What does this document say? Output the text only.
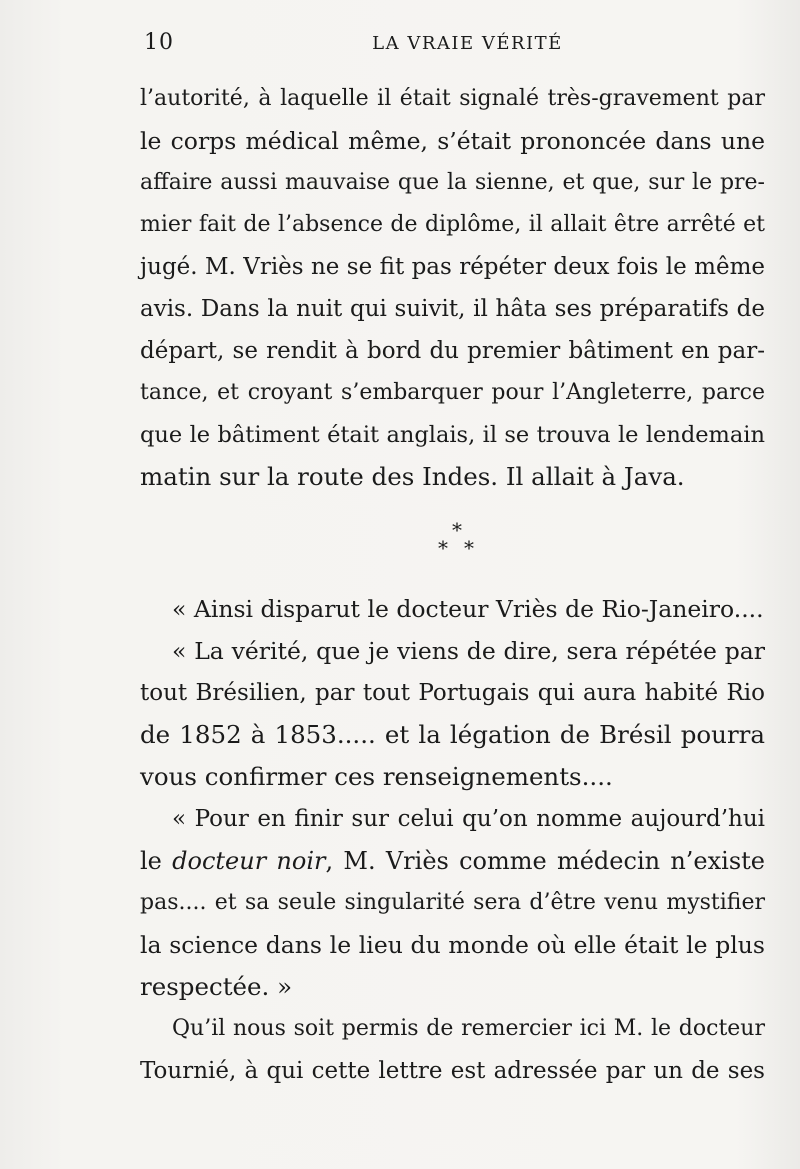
10	LA VRAIE VÉRITÉ
l’autorité, à laquelle il était signalé très-gravement par
le corps médical même, s’était prononcée dans une
affaire aussi mauvaise que la sienne, et que, sur le pre-
mier fait de l’absence de diplôme, il allait être arrêté et
jugé. M. Vriès ne se fit pas répéter deux fois le même
avis. Dans la nuit qui suivit, il hâta ses préparatifs de
départ, se rendit à bord du premier bâtiment en par-
tance, et croyant s’embarquer pour l’Angleterre, parce
que le bâtiment était anglais, il se trouva le lendemain
matin sur la route des Indes. Il allait à Java.
*
* *
« Ainsi disparut le docteur Vriès de Rio-Janeiro....
« La vérité, que je viens de dire, sera répétée par
tout Brésilien, par tout Portugais qui aura habité Rio
de 1852 à 1853..... et la légation de Brésil pourra
vous confirmer ces renseignements....
« Pour en finir sur celui qu’on nomme aujourd’hui
le docteur noir, M. Vriès comme médecin n’existe
pas.... et sa seule singularité sera d’être venu mystifier
la science dans le lieu du monde où elle était le plus
respectée. »
Qu’il nous soit permis de remercier ici M. le docteur
Tournié, à qui cette lettre est adressée par un de ses
